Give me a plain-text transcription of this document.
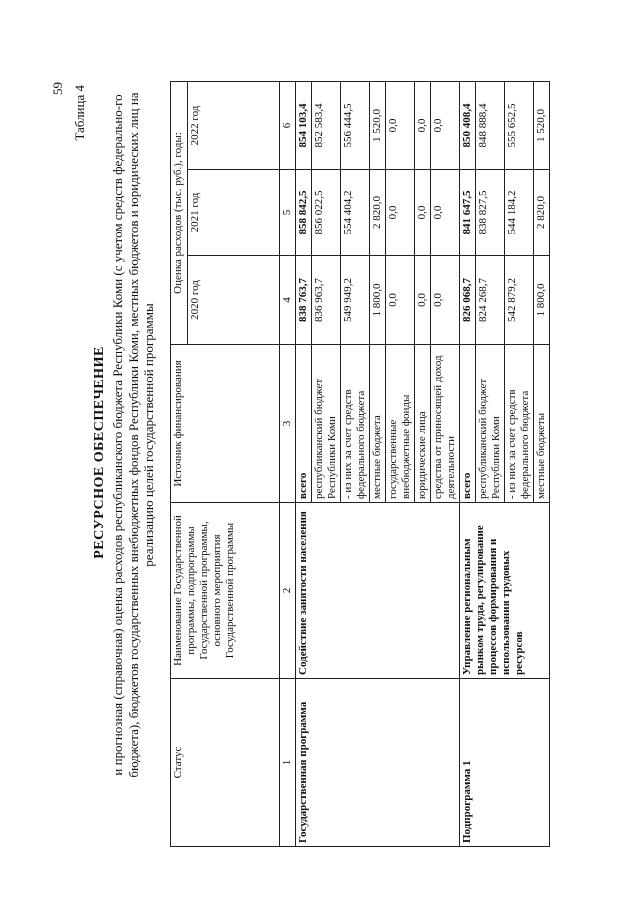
59 Таблица 4
РЕСУРСНОЕ ОБЕСПЕЧЕНИЕ и прогнозная (справочная) оценка расходов республиканского бюджета Республики Коми (с учетом средств федерально-го бюджета), бюджетов государственных внебюджетных фондов Республики Коми, местных бюджетов и юридических лиц на реализацию целей государственной программы
Статус	Наименование Государственной программы, подпрограммы Государственной программы, основного мероприятия Государственной программы	Источник финансирования	Оценка расходов (тыс. руб.), годы:		
			2020 год	2021 год	2022 год
1	2	3	4	5	6
Государственная программа	Содействие занятости населения	всего	838 763,7	858 842,5	854 103,4
		республиканский бюджет Республики Коми	836 963,7	856 022,5	852 583,4
		- из них за счет средств федерального бюджета	549 949,2	554 404,2	556 444,5
		местные бюджета	1 800,0	2 820,0	1 520,0
		государственные внебюджетные фонды	0,0	0,0	0,0
		юридические лица	0,0	0,0	0,0
		средства от приносящей доход деятельности	0,0	0,0	0,0
Подпрограмма 1	Управление региональным рынком труда, регулирование процессов формирования и использования трудовых ресурсов	всего	826 068,7	841 647,5	850 408,4
		республиканский бюджет Республики Коми	824 268,7	838 827,5	848 888,4
		- из них за счет средств федерального бюджета	542 879,2	544 184,2	555 652,5
		местные бюджеты	1 800,0	2 820,0	1 520,0
